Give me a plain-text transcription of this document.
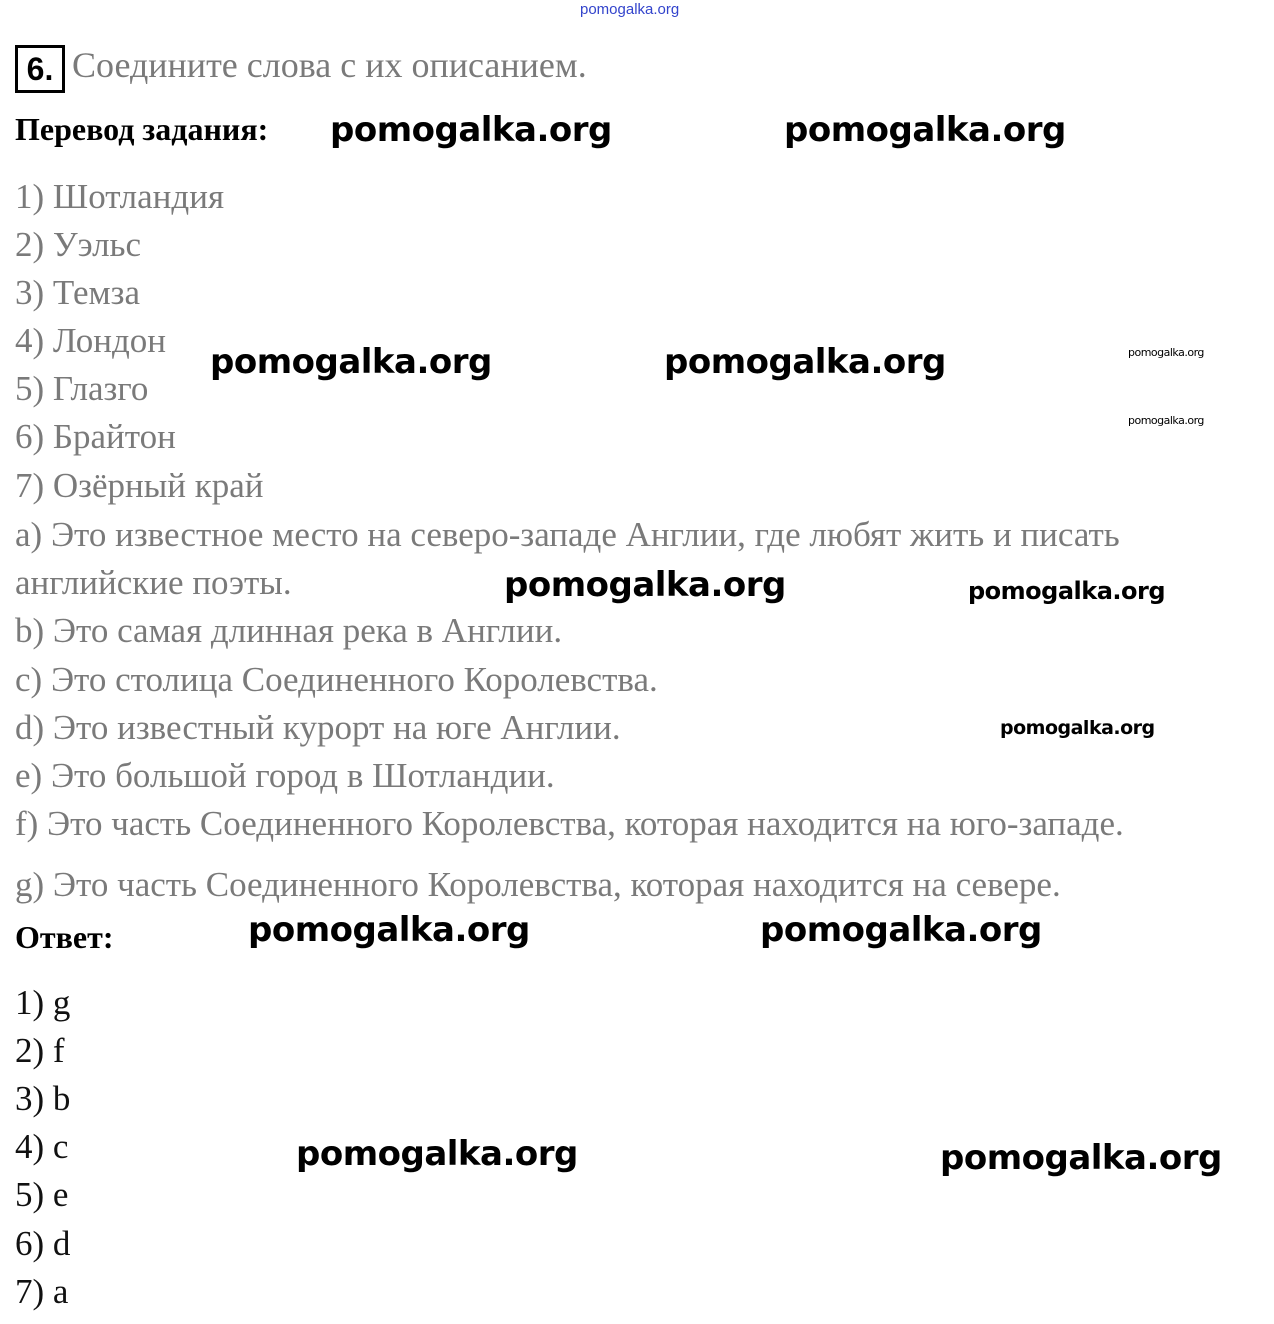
pomogalka.org
6. Соедините слова с их описанием.
Перевод задания:
1) Шотландия
2) Уэльс
3) Темза
4) Лондон
5) Глазго
6) Брайтон
7) Озёрный край
a) Это известное место на северо-западе Англии, где любят жить и писать
английские поэты.
b) Это самая длинная река в Англии.
c) Это столица Соединенного Королевства.
d) Это известный курорт на юге Англии.
e) Это большой город в Шотландии.
f) Это часть Соединенного Королевства, которая находится на юго-западе.
g) Это часть Соединенного Королевства, которая находится на севере.
Ответ:
1) g
2) f
3) b
4) c
5) e
6) d
7) a
pomogalka.org	pomogalka.org
pomogalka.org	pomogalka.org	pomogalka.org
pomogalka.org
pomogalka.org	pomogalka.org
pomogalka.org
pomogalka.org	pomogalka.org
pomogalka.org	pomogalka.org
